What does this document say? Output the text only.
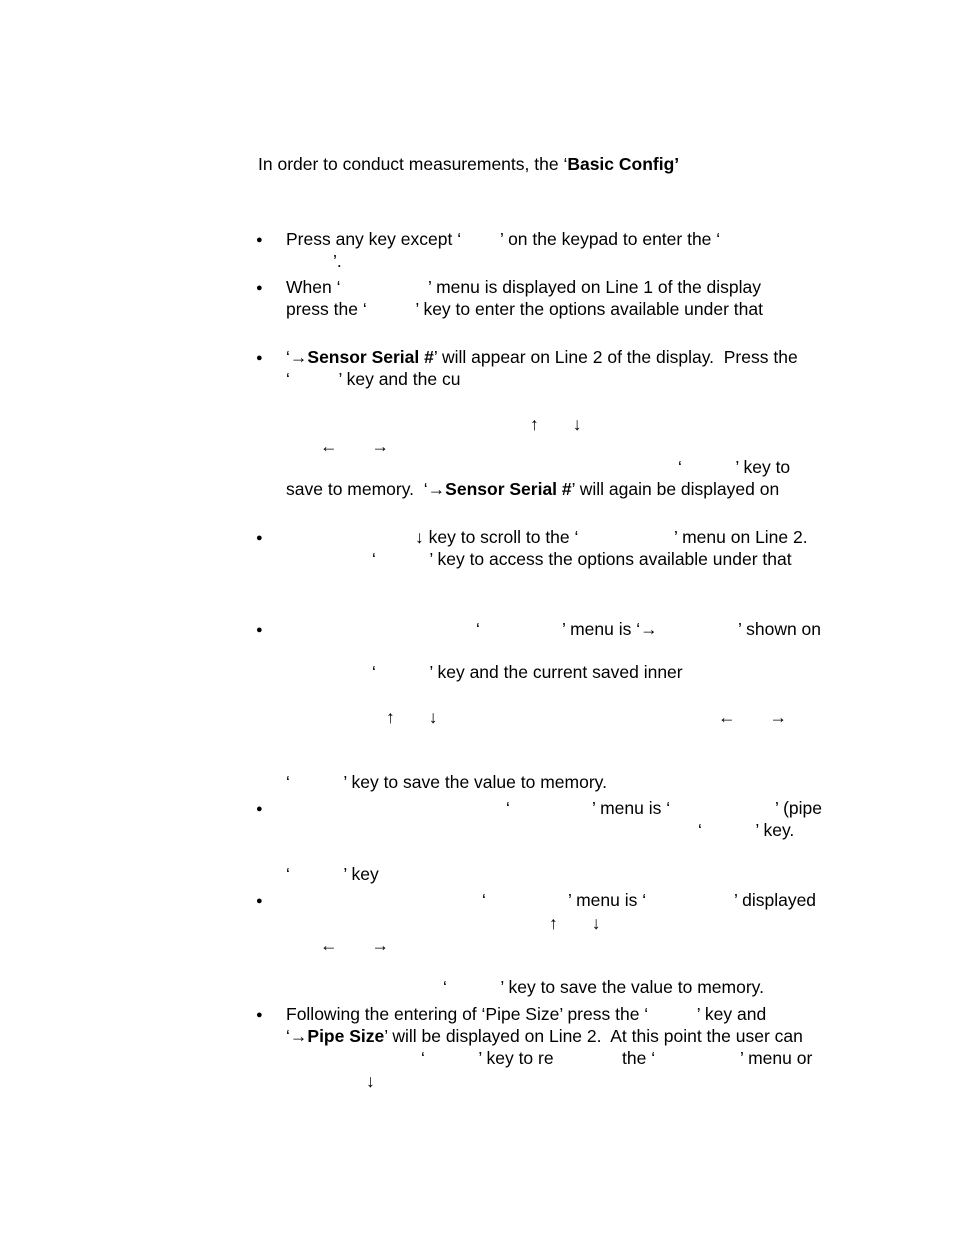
In order to conduct measurements, the ‘Basic Config’
● Press any key except ‘        ’ on the keypad to enter the ‘
’.
● When ‘                  ’ menu is displayed on Line 1 of the display
press the ‘          ’ key to enter the options available under that
● ‘→Sensor Serial #’ will appear on Line 2 of the display.  Press the
‘          ’ key and the cu
↑       ↓
←       →
‘           ’ key to
save to memory.  ‘→Sensor Serial #’ will again be displayed on
●	↓ key to scroll to the ‘	’ menu on Line 2.
‘           ’ key to access the options available under that
●	‘	’ menu is ‘→	’ shown on
‘           ’ key and the current saved inner
↑       ↓	←       →
‘           ’ key to save the value to memory.
●	‘	’ menu is ‘	’ (pipe
‘           ’ key.
‘           ’ key
●	‘	’ menu is ‘	’ displayed
↑       ↓
←       →
‘           ’ key to save the value to memory.
● Following the entering of ‘Pipe Size’ press the ‘          ’ key and
‘→Pipe Size’ will be displayed on Line 2.  At this point the user can
‘           ’ key to re	the ‘	’ menu or
↓
